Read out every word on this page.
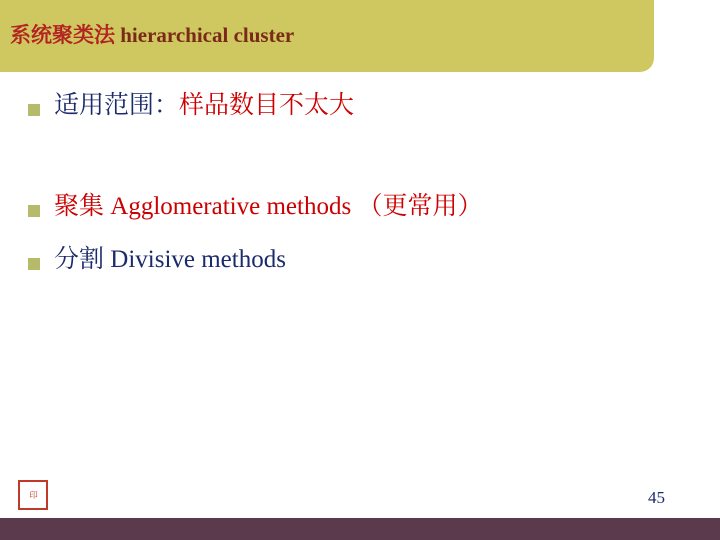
系统聚类法 hierarchical cluster
适用范围：样品数目不太大
聚集 Agglomerative methods （更常用）
分割 Divisive methods
印	45
